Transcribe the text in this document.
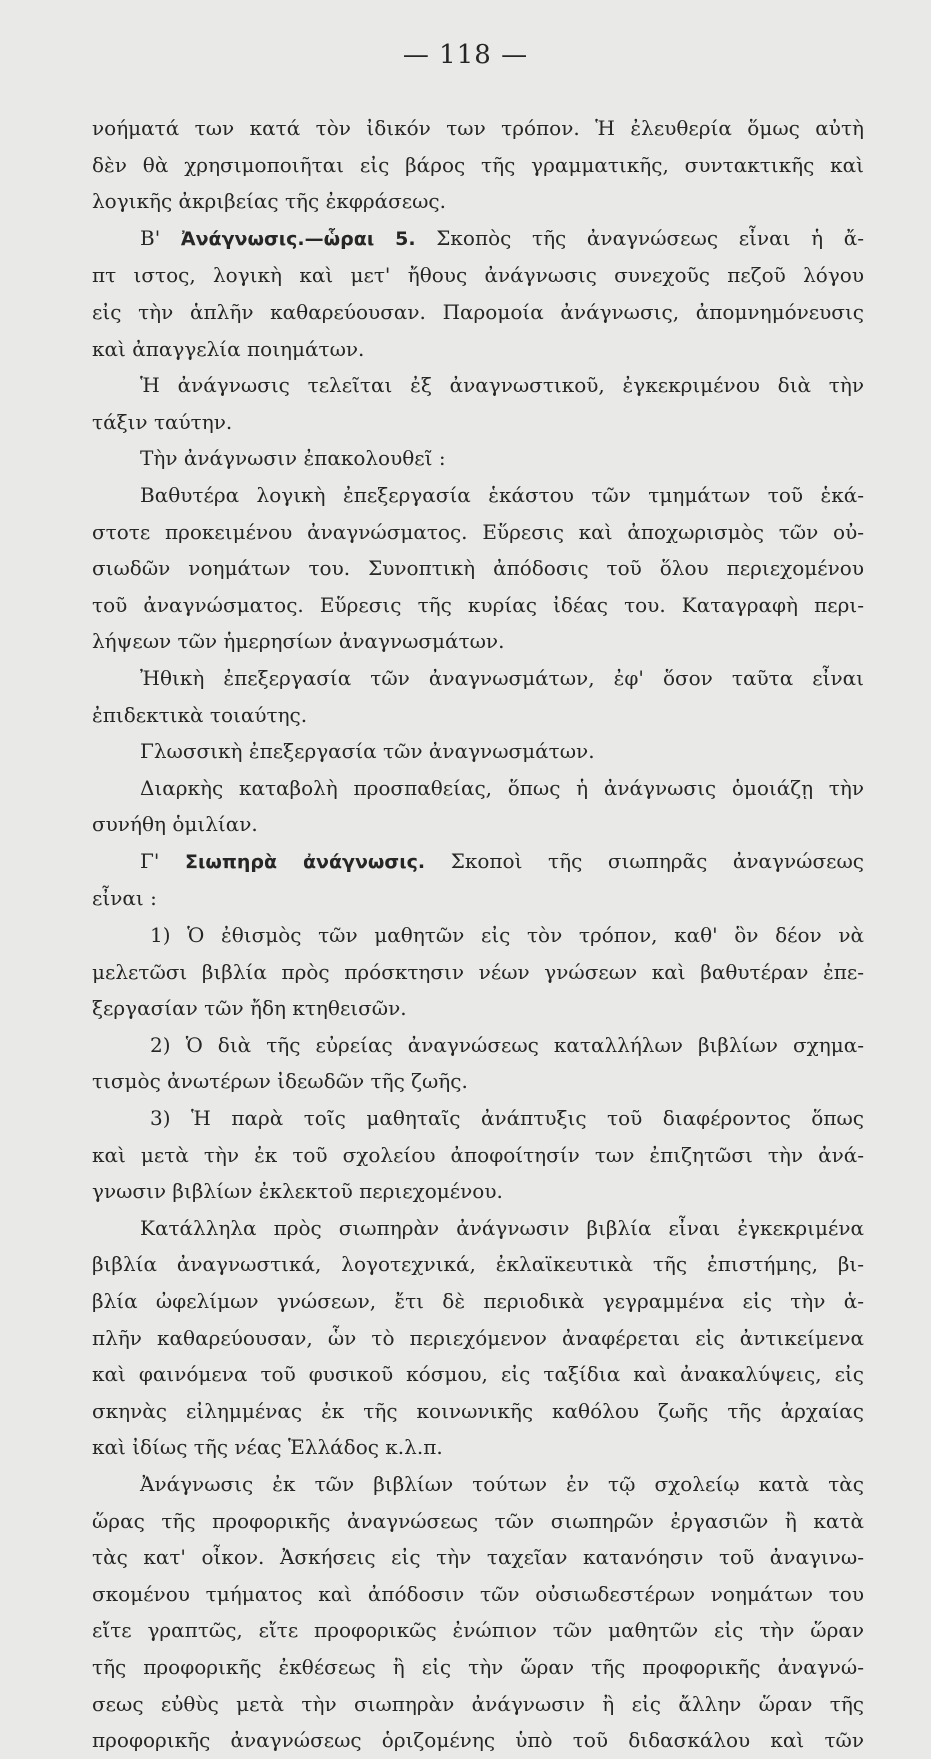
— 118 —
νοήματά των κατά τὸν ἰδικόν των τρόπον. Ἡ ἐλευθερία ὅμως αὐτὴ
δὲν θὰ χρησιμοποιῆται εἰς βάρος τῆς γραμματικῆς, συντακτικῆς καὶ
λογικῆς ἀκριβείας τῆς ἐκφράσεως.
Β' Ἀνάγνωσις.—ὧραι 5. Σκοπὸς τῆς ἀναγνώσεως εἶναι ἡ ἄ-
πτ ιστος, λογικὴ καὶ μετ' ἤθους ἀνάγνωσις συνεχοῦς πεζοῦ λόγου
εἰς τὴν ἁπλῆν καθαρεύουσαν. Παρομοία ἀνάγνωσις, ἀπομνημόνευσις
καὶ ἀπαγγελία ποιημάτων.
Ἡ ἀνάγνωσις τελεῖται ἐξ ἀναγνωστικοῦ, ἐγκεκριμένου διὰ τὴν
τάξιν ταύτην.
Τὴν ἀνάγνωσιν ἐπακολουθεῖ :
Βαθυτέρα λογικὴ ἐπεξεργασία ἑκάστου τῶν τμημάτων τοῦ ἑκά-
στοτε προκειμένου ἀναγνώσματος. Εὕρεσις καὶ ἀποχωρισμὸς τῶν οὐ-
σιωδῶν νοημάτων του. Συνοπτικὴ ἀπόδοσις τοῦ ὅλου περιεχομένου
τοῦ ἀναγνώσματος. Εὕρεσις τῆς κυρίας ἰδέας του. Καταγραφὴ περι-
λήψεων τῶν ἡμερησίων ἀναγνωσμάτων.
Ἠθικὴ ἐπεξεργασία τῶν ἀναγνωσμάτων, ἐφ' ὅσον ταῦτα εἶναι
ἐπιδεκτικὰ τοιαύτης.
Γλωσσικὴ ἐπεξεργασία τῶν ἀναγνωσμάτων.
Διαρκὴς καταβολὴ προσπαθείας, ὅπως ἡ ἀνάγνωσις ὁμοιάζῃ τὴν
συνήθη ὁμιλίαν.
Γ' Σιωπηρὰ ἀνάγνωσις. Σκοποὶ τῆς σιωπηρᾶς ἀναγνώσεως
εἶναι :
1) Ὁ ἐθισμὸς τῶν μαθητῶν εἰς τὸν τρόπον, καθ' ὃν δέον νὰ
μελετῶσι βιβλία πρὸς πρόσκτησιν νέων γνώσεων καὶ βαθυτέραν ἐπε-
ξεργασίαν τῶν ἤδη κτηθεισῶν.
2) Ὁ διὰ τῆς εὐρείας ἀναγνώσεως καταλλήλων βιβλίων σχημα-
τισμὸς ἀνωτέρων ἰδεωδῶν τῆς ζωῆς.
3) Ἡ παρὰ τοῖς μαθηταῖς ἀνάπτυξις τοῦ διαφέροντος ὅπως
καὶ μετὰ τὴν ἐκ τοῦ σχολείου ἀποφοίτησίν των ἐπιζητῶσι τὴν ἀνά-
γνωσιν βιβλίων ἐκλεκτοῦ περιεχομένου.
Κατάλληλα πρὸς σιωπηρὰν ἀνάγνωσιν βιβλία εἶναι ἐγκεκριμένα
βιβλία ἀναγνωστικά, λογοτεχνικά, ἐκλαϊκευτικὰ τῆς ἐπιστήμης, βι-
βλία ὠφελίμων γνώσεων, ἔτι δὲ περιοδικὰ γεγραμμένα εἰς τὴν ἁ-
πλῆν καθαρεύουσαν, ὧν τὸ περιεχόμενον ἀναφέρεται εἰς ἀντικείμενα
καὶ φαινόμενα τοῦ φυσικοῦ κόσμου, εἰς ταξίδια καὶ ἀνακαλύψεις, εἰς
σκηνὰς εἰλημμένας ἐκ τῆς κοινωνικῆς καθόλου ζωῆς τῆς ἀρχαίας
καὶ ἰδίως τῆς νέας Ἑλλάδος κ.λ.π.
Ἀνάγνωσις ἐκ τῶν βιβλίων τούτων ἐν τῷ σχολείῳ κατὰ τὰς
ὥρας τῆς προφορικῆς ἀναγνώσεως τῶν σιωπηρῶν ἐργασιῶν ἢ κατὰ
τὰς κατ' οἶκον. Ἀσκήσεις εἰς τὴν ταχεῖαν κατανόησιν τοῦ ἀναγινω-
σκομένου τμήματος καὶ ἀπόδοσιν τῶν οὐσιωδεστέρων νοημάτων του
εἴτε γραπτῶς, εἴτε προφορικῶς ἐνώπιον τῶν μαθητῶν εἰς τὴν ὥραν
τῆς προφορικῆς ἐκθέσεως ἢ εἰς τὴν ὥραν τῆς προφορικῆς ἀναγνώ-
σεως εὐθὺς μετὰ τὴν σιωπηρὰν ἀνάγνωσιν ἢ εἰς ἄλλην ὥραν τῆς
προφορικῆς ἀναγνώσεως ὁριζομένης ὑπὸ τοῦ διδασκάλου καὶ τῶν
